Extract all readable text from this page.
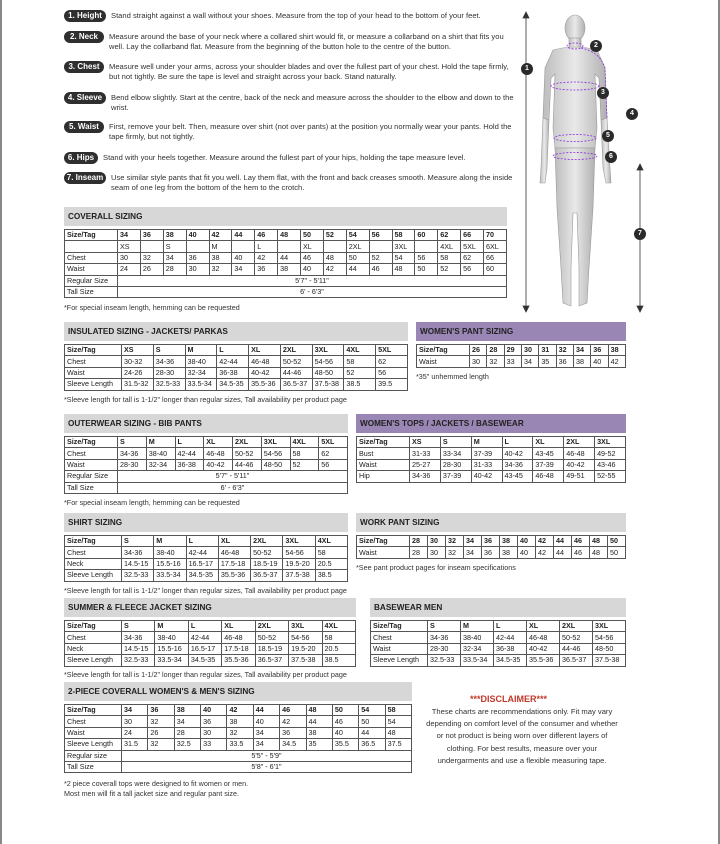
1. Height	Stand straight against a wall without your shoes. Measure from the top of your head to the bottom of your feet.
2. Neck	Measure around the base of your neck where a collared shirt would fit, or measure a collarband on a shirt that fits you well. Lay the collarband flat. Measure from the beginning of the button hole to the centre of the button.
3. Chest	Measure well under your arms, across your shoulder blades and over the fullest part of your chest. Hold the tape firmly, but not tightly. Be sure the tape is level and straight across your back. Stand naturally.
4. Sleeve	Bend elbow slightly. Start at the centre, back of the neck and measure across the shoulder to the elbow and down to the wrist.
5. Waist	First, remove your belt. Then, measure over shirt (not over pants) at the position you normally wear your pants. Hold the tape firmly, but not tightly.
6. Hips	Stand with your heels together. Measure around the fullest part of your hips, holding the tape measure level.
7. Inseam	Use similar style pants that fit you well. Lay them flat, with the front and back creases smooth. Measure along the inside seam of one leg from the bottom of the hem to the crotch.
1
2
3
4
5
6
7
COVERALL SIZING
Size/Tag	34	36	38	40	42	44	46	48	50	52	54	56	58	60	62	66	70
	XS		S		M		L		XL		2XL		3XL		4XL	5XL	6XL
Chest	30	32	34	36	38	40	42	44	46	48	50	52	54	56	58	62	66
Waist	24	26	28	30	32	34	36	38	40	42	44	46	48	50	52	56	60
Regular Size	5'7" - 5'11"																
Tall Size	6' - 6'3"																
*For special inseam length, hemming can be requested
INSULATED SIZING - JACKETS/ PARKAS
Size/Tag	XS	S	M	L	XL	2XL	3XL	4XL	5XL
Chest	30-32	34-36	38-40	42-44	46-48	50-52	54-56	58	62
Waist	24-26	28-30	32-34	36-38	40-42	44-46	48-50	52	56
Sleeve Length	31.5-32	32.5-33	33.5-34	34.5-35	35.5-36	36.5-37	37.5-38	38.5	39.5
*Sleeve length for tall is 1-1/2" longer than regular sizes, Tall availability per product page
WOMEN'S PANT SIZING
Size/Tag	26	28	29	30	31	32	34	36	38
Waist	30	32	33	34	35	36	38	40	42
*35" unhemmed length
OUTERWEAR SIZING - BIB PANTS
Size/Tag	S	M	L	XL	2XL	3XL	4XL	5XL
Chest	34-36	38-40	42-44	46-48	50-52	54-56	58	62
Waist	28-30	32-34	36-38	40-42	44-46	48-50	52	56
Regular Size	5'7" - 5'11"							
Tall Size	6' - 6'3"							
*For special inseam length, hemming can be requested
WOMEN'S TOPS / JACKETS / BASEWEAR
Size/Tag	XS	S	M	L	XL	2XL	3XL
Bust	31-33	33-34	37-39	40-42	43-45	46-48	49-52
Waist	25-27	28-30	31-33	34-36	37-39	40-42	43-46
Hip	34-36	37-39	40-42	43-45	46-48	49-51	52-55
SHIRT SIZING
Size/Tag	S	M	L	XL	2XL	3XL	4XL
Chest	34-36	38-40	42-44	46-48	50-52	54-56	58
Neck	14.5-15	15.5-16	16.5-17	17.5-18	18.5-19	19.5-20	20.5
Sleeve Length	32.5-33	33.5-34	34.5-35	35.5-36	36.5-37	37.5-38	38.5
*Sleeve length for tall is 1-1/2" longer than regular sizes, Tall availability per product page
WORK PANT SIZING
Size/Tag	28	30	32	34	36	38	40	42	44	46	48	50
Waist	28	30	32	34	36	38	40	42	44	46	48	50
*See pant product pages for inseam specifications
SUMMER & FLEECE JACKET SIZING
Size/Tag	S	M	L	XL	2XL	3XL	4XL
Chest	34-36	38-40	42-44	46-48	50-52	54-56	58
Neck	14.5-15	15.5-16	16.5-17	17.5-18	18.5-19	19.5-20	20.5
Sleeve Length	32.5-33	33.5-34	34.5-35	35.5-36	36.5-37	37.5-38	38.5
*Sleeve length for tall is 1-1/2" longer than regular sizes, Tall availability per product page
BASEWEAR MEN
Size/Tag	S	M	L	XL	2XL	3XL
Chest	34-36	38-40	42-44	46-48	50-52	54-56
Waist	28-30	32-34	36-38	40-42	44-46	48-50
Sleeve Length	32.5-33	33.5-34	34.5-35	35.5-36	36.5-37	37.5-38
2-PIECE COVERALL WOMEN'S & MEN'S SIZING
Size/Tag	34	36	38	40	42	44	46	48	50	54	58
Chest	30	32	34	36	38	40	42	44	46	50	54
Waist	24	26	28	30	32	34	36	38	40	44	48
Sleeve Length	31.5	32	32.5	33	33.5	34	34.5	35	35.5	36.5	37.5
Regular size	5'5" - 5'9"										
Tall Size	5'8" - 6'1"										
*2 piece coverall tops were designed to fit women or men.
Most men will fit a tall jacket size and regular pant size.
***DISCLAIMER***
These charts are recommendations only. Fit may vary depending on comfort level of the consumer and whether or not product is being worn over different layers of clothing. For best results, measure over your undergarments and use a flexible measuring tape.
